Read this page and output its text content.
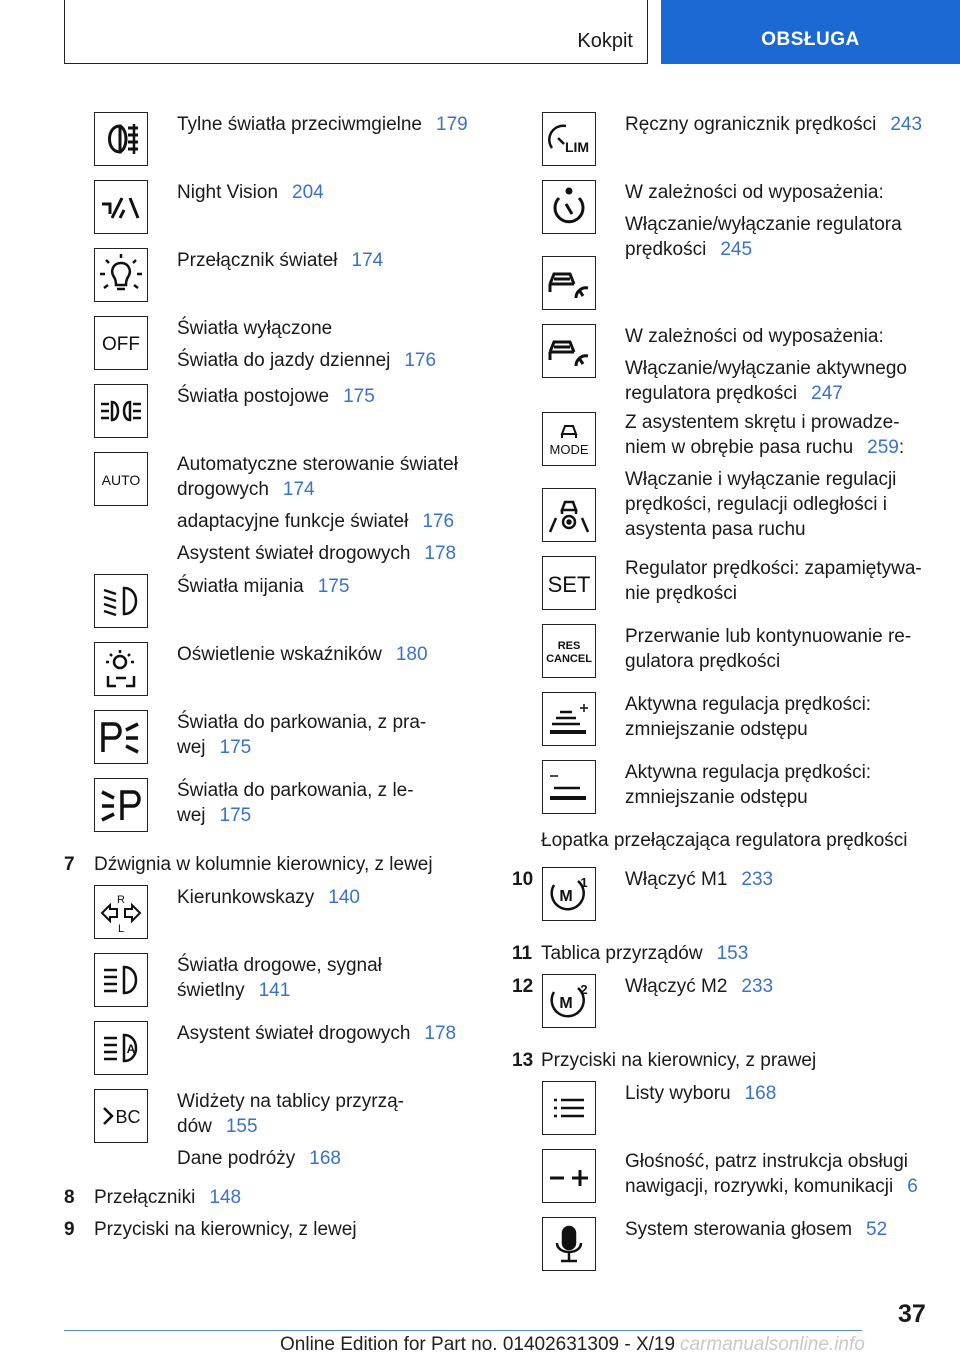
Kokpit	OBSŁUGA
Tylne światła przeciwmgielne 179
Night Vision 204
Przełącznik świateł 174
OFF
Światła wyłączone
Światła do jazdy dziennej 176
Światła postojowe 175
AUTO
Automatyczne sterowanie świateł drogowych 174
adaptacyjne funkcje świateł 176
Asystent świateł drogowych 178
Światła mijania 175
Oświetlenie wskaźników 180
Światła do parkowania, z pra-wej 175
Światła do parkowania, z le-wej 175
7 Dźwignia w kolumnie kierownicy, z lewej
R
L
Kierunkowskazy 140
Światła drogowe, sygnał świetlny 141
A
Asystent świateł drogowych 178
BC
Widżety na tablicy przyrzą-dów 155
Dane podróży 168
8 Przełączniki 148
9 Przyciski na kierownicy, z lewej
LIM
Ręczny ogranicznik prędkości 243
W zależności od wyposażenia:
Włączanie/wyłączanie regulatora prędkości 245
W zależności od wyposażenia:
Włączanie/wyłączanie aktywnego regulatora prędkości 247
MODE
Z asystentem skrętu i prowadze-niem w obrębie pasa ruchu 259:
Włączanie i wyłączanie regulacji prędkości, regulacji odległości i asystenta pasa ruchu
SET
Regulator prędkości: zapamiętywa-nie prędkości
RES
CANCEL
Przerwanie lub kontynuowanie re-gulatora prędkości
Aktywna regulacja prędkości: zmniejszanie odstępu
Aktywna regulacja prędkości: zmniejszanie odstępu
Łopatka przełączająca regulatora prędkości
10
M
1 Włączyć M1 233
11 Tablica przyrządów 153
12
M
2 Włączyć M2 233
13 Przyciski na kierownicy, z prawej
Listy wyboru 168
Głośność, patrz instrukcja obsługi nawigacji, rozrywki, komunikacji 6
System sterowania głosem 52
37
Online Edition for Part no. 01402631309 - X/19 carmanualsonline.info
